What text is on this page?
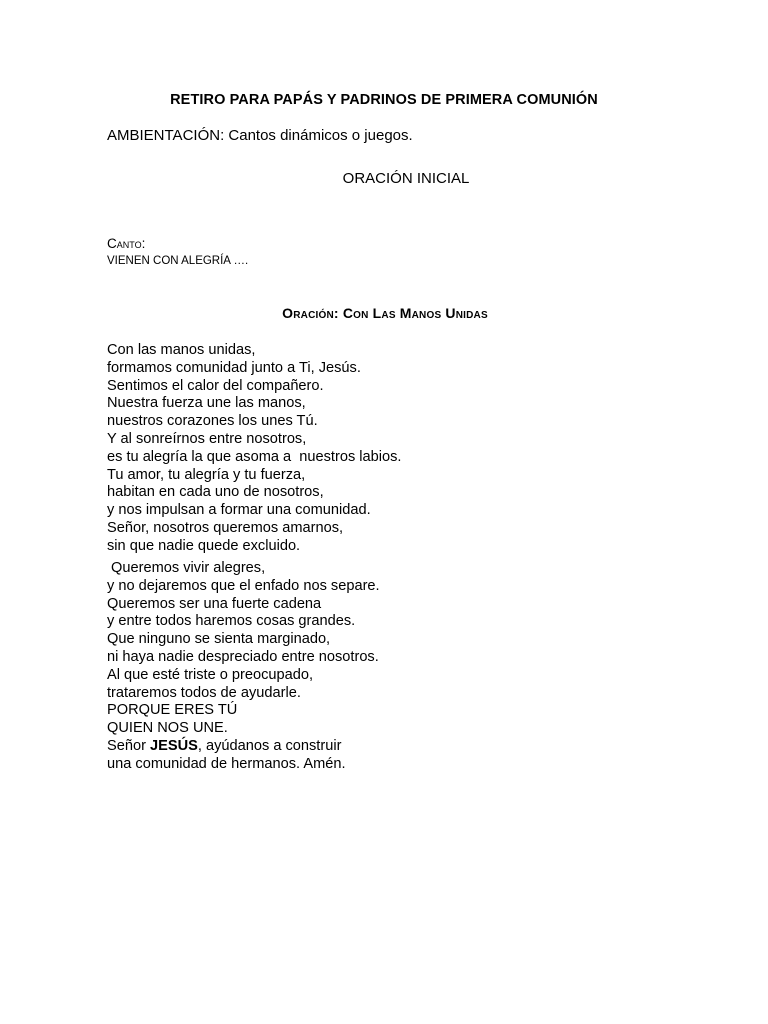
RETIRO PARA PAPÁS Y PADRINOS DE PRIMERA COMUNIÓN
AMBIENTACIÓN: Cantos dinámicos o juegos.
ORACIÓN INICIAL
Canto:
VIENEN CON ALEGRÍA ….
Oración: Con Las Manos Unidas
Con las manos unidas,
formamos comunidad junto a Ti, Jesús.
Sentimos el calor del compañero.
Nuestra fuerza une las manos,
nuestros corazones los unes Tú.
Y al sonreírnos entre nosotros,
es tu alegría la que asoma a  nuestros labios.
Tu amor, tu alegría y tu fuerza,
habitan en cada uno de nosotros,
y nos impulsan a formar una comunidad.
Señor, nosotros queremos amarnos,
sin que nadie quede excluido.
Queremos vivir alegres,
y no dejaremos que el enfado nos separe.
Queremos ser una fuerte cadena
y entre todos haremos cosas grandes.
Que ninguno se sienta marginado,
ni haya nadie despreciado entre nosotros.
Al que esté triste o preocupado,
trataremos todos de ayudarle.
PORQUE ERES TÚ
QUIEN NOS UNE.
Señor JESÚS, ayúdanos a construir
una comunidad de hermanos. Amén.
